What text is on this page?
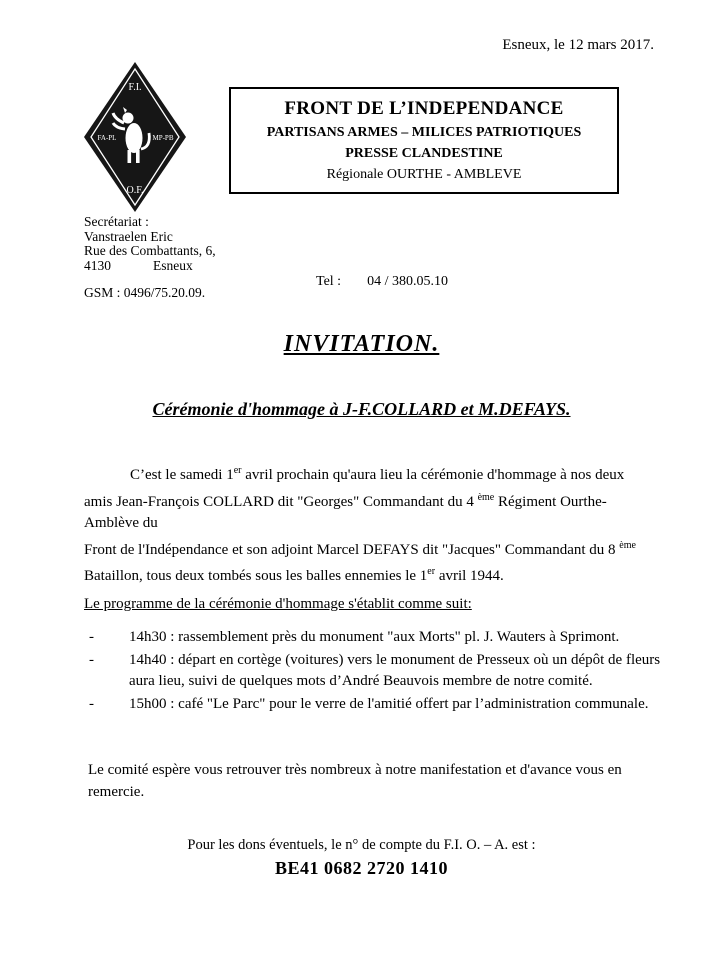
Esneux, le 12 mars 2017.
F.I.
FA-PL	MP-PB
O.F.
FRONT DE L’INDEPENDANCE
PARTISANS ARMES – MILICES PATRIOTIQUES
PRESSE CLANDESTINE
Régionale OURTHE - AMBLEVE
Secrétariat :
Vanstraelen Eric
Rue des Combattants, 6,
4130	Esneux
GSM : 0496/75.20.09.
Tel : 04 / 380.05.10
INVITATION.
Cérémonie d'hommage à J-F.COLLARD et M.DEFAYS.

C’est le samedi 1er avril prochain qu'aura lieu la cérémonie d'hommage à nos deux amis Jean-François COLLARD dit "Georges" Commandant du 4 $^{ème}$ Régiment Ourthe-Amblève du
Front de l'Indépendance et son adjoint Marcel DEFAYS dit "Jacques" Commandant du 8 $^{ème}$ Bataillon, tous deux tombés sous les balles ennemies le 1er avril 1944.

Le programme de la cérémonie d'hommage s'établit comme suit:
-	14h30 : rassemblement près du monument "aux Morts" pl. J. Wauters à Sprimont.
-	14h40 : départ en cortège (voitures) vers le monument de Presseux où un dépôt de fleurs aura lieu, suivi de quelques mots d’André Beauvois membre de notre comité.
-	15h00 : café "Le Parc" pour le verre de l'amitié offert par l’administration communale.

Le comité espère vous retrouver très nombreux à notre manifestation et d'avance vous en remercie.

Pour les dons éventuels, le n° de compte du F.I. O. – A. est :
BE41 0682 2720 1410
